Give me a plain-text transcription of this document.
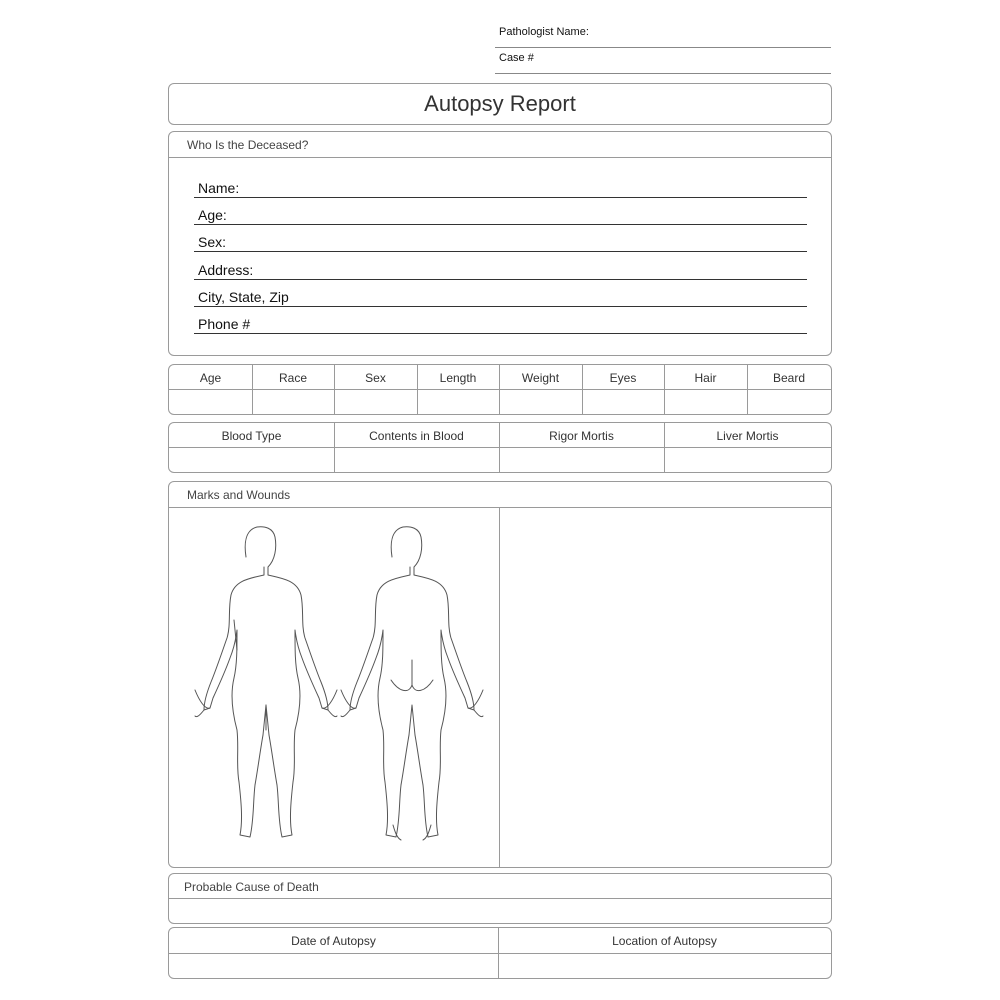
Pathologist Name:
Case #
Autopsy Report
Who Is the Deceased?
Name:
Age:
Sex:
Address:
City, State, Zip
Phone #
Age	Race	Sex	Length	Weight	Eyes	Hair	Beard
Blood Type	Contents in Blood	Rigor Mortis	Liver Mortis
Marks and Wounds
Probable Cause of Death
Date of Autopsy	Location of Autopsy
